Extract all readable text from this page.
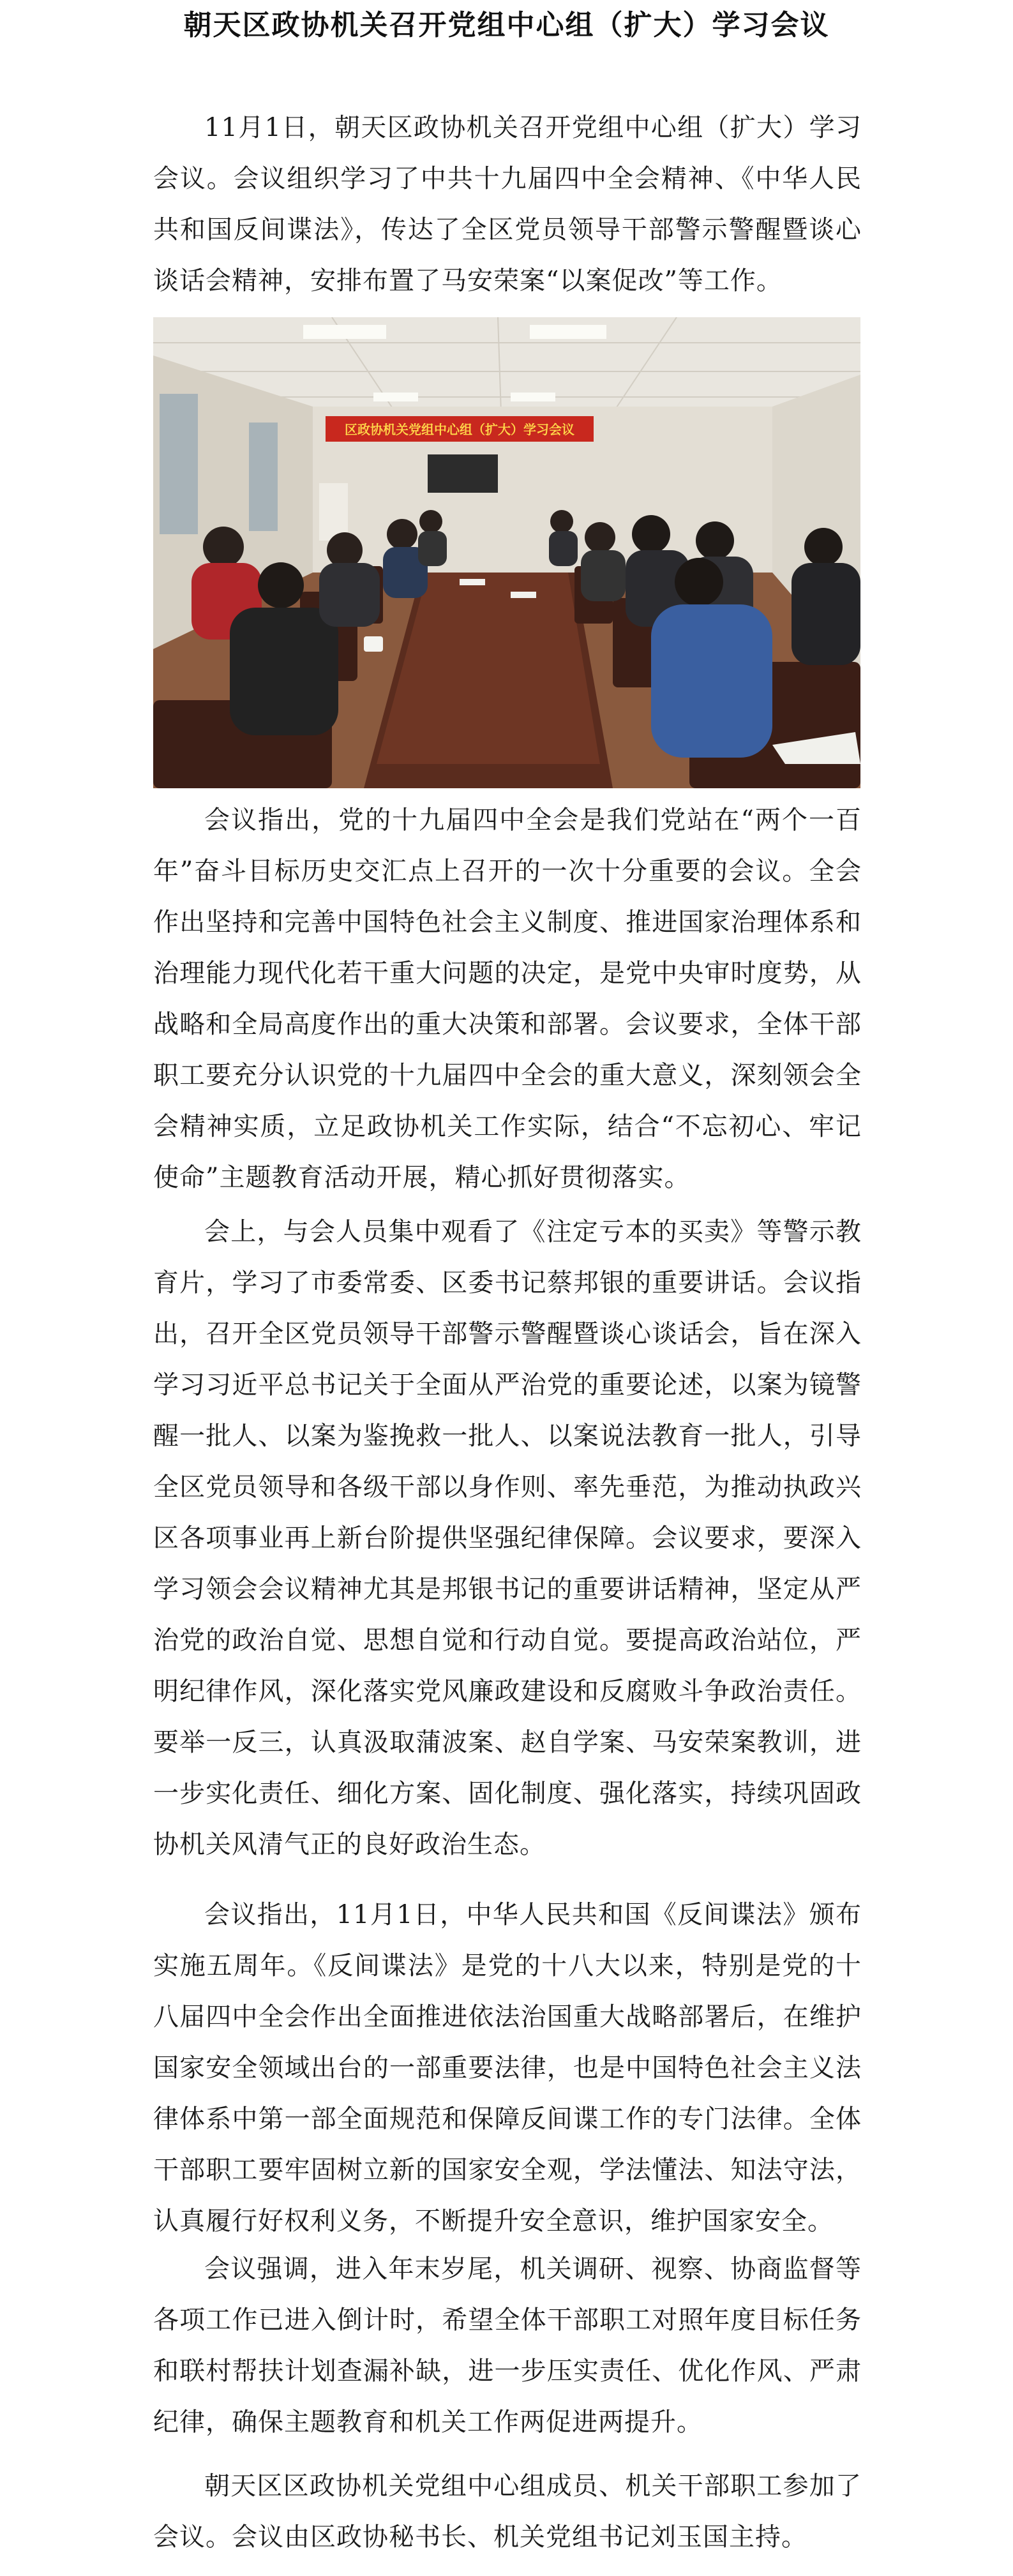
朝天区政协机关召开党组中心组（扩大）学习会议

11月1日，朝天区政协机关召开党组中心组（扩大）学习会议。会议组织学习了中共十九届四中全会精神、《中华人民共和国反间谍法》，传达了全区党员领导干部警示警醒暨谈心谈话会精神，安排布置了马安荣案“以案促改”等工作。

区政协机关党组中心组（扩大）学习会议

会议指出，党的十九届四中全会是我们党站在“两个一百年”奋斗目标历史交汇点上召开的一次十分重要的会议。全会作出坚持和完善中国特色社会主义制度、推进国家治理体系和治理能力现代化若干重大问题的决定，是党中央审时度势，从战略和全局高度作出的重大决策和部署。会议要求，全体干部职工要充分认识党的十九届四中全会的重大意义，深刻领会全会精神实质，立足政协机关工作实际，结合“不忘初心、牢记使命”主题教育活动开展，精心抓好贯彻落实。

会上，与会人员集中观看了《注定亏本的买卖》等警示教育片，学习了市委常委、区委书记蔡邦银的重要讲话。会议指出，召开全区党员领导干部警示警醒暨谈心谈话会，旨在深入学习习近平总书记关于全面从严治党的重要论述，以案为镜警醒一批人、以案为鉴挽救一批人、以案说法教育一批人，引导全区党员领导和各级干部以身作则、率先垂范，为推动执政兴区各项事业再上新台阶提供坚强纪律保障。会议要求，要深入学习领会会议精神尤其是邦银书记的重要讲话精神，坚定从严治党的政治自觉、思想自觉和行动自觉。要提高政治站位，严明纪律作风，深化落实党风廉政建设和反腐败斗争政治责任。要举一反三，认真汲取蒲波案、赵自学案、马安荣案教训，进一步实化责任、细化方案、固化制度、强化落实，持续巩固政协机关风清气正的良好政治生态。

会议指出，11月1日，中华人民共和国《反间谍法》颁布实施五周年。《反间谍法》是党的十八大以来，特别是党的十八届四中全会作出全面推进依法治国重大战略部署后，在维护国家安全领域出台的一部重要法律，也是中国特色社会主义法律体系中第一部全面规范和保障反间谍工作的专门法律。全体干部职工要牢固树立新的国家安全观，学法懂法、知法守法，认真履行好权利义务，不断提升安全意识，维护国家安全。

会议强调，进入年末岁尾，机关调研、视察、协商监督等各项工作已进入倒计时，希望全体干部职工对照年度目标任务和联村帮扶计划查漏补缺，进一步压实责任、优化作风、严肃纪律，确保主题教育和机关工作两促进两提升。

朝天区区政协机关党组中心组成员、机关干部职工参加了会议。会议由区政协秘书长、机关党组书记刘玉国主持。
